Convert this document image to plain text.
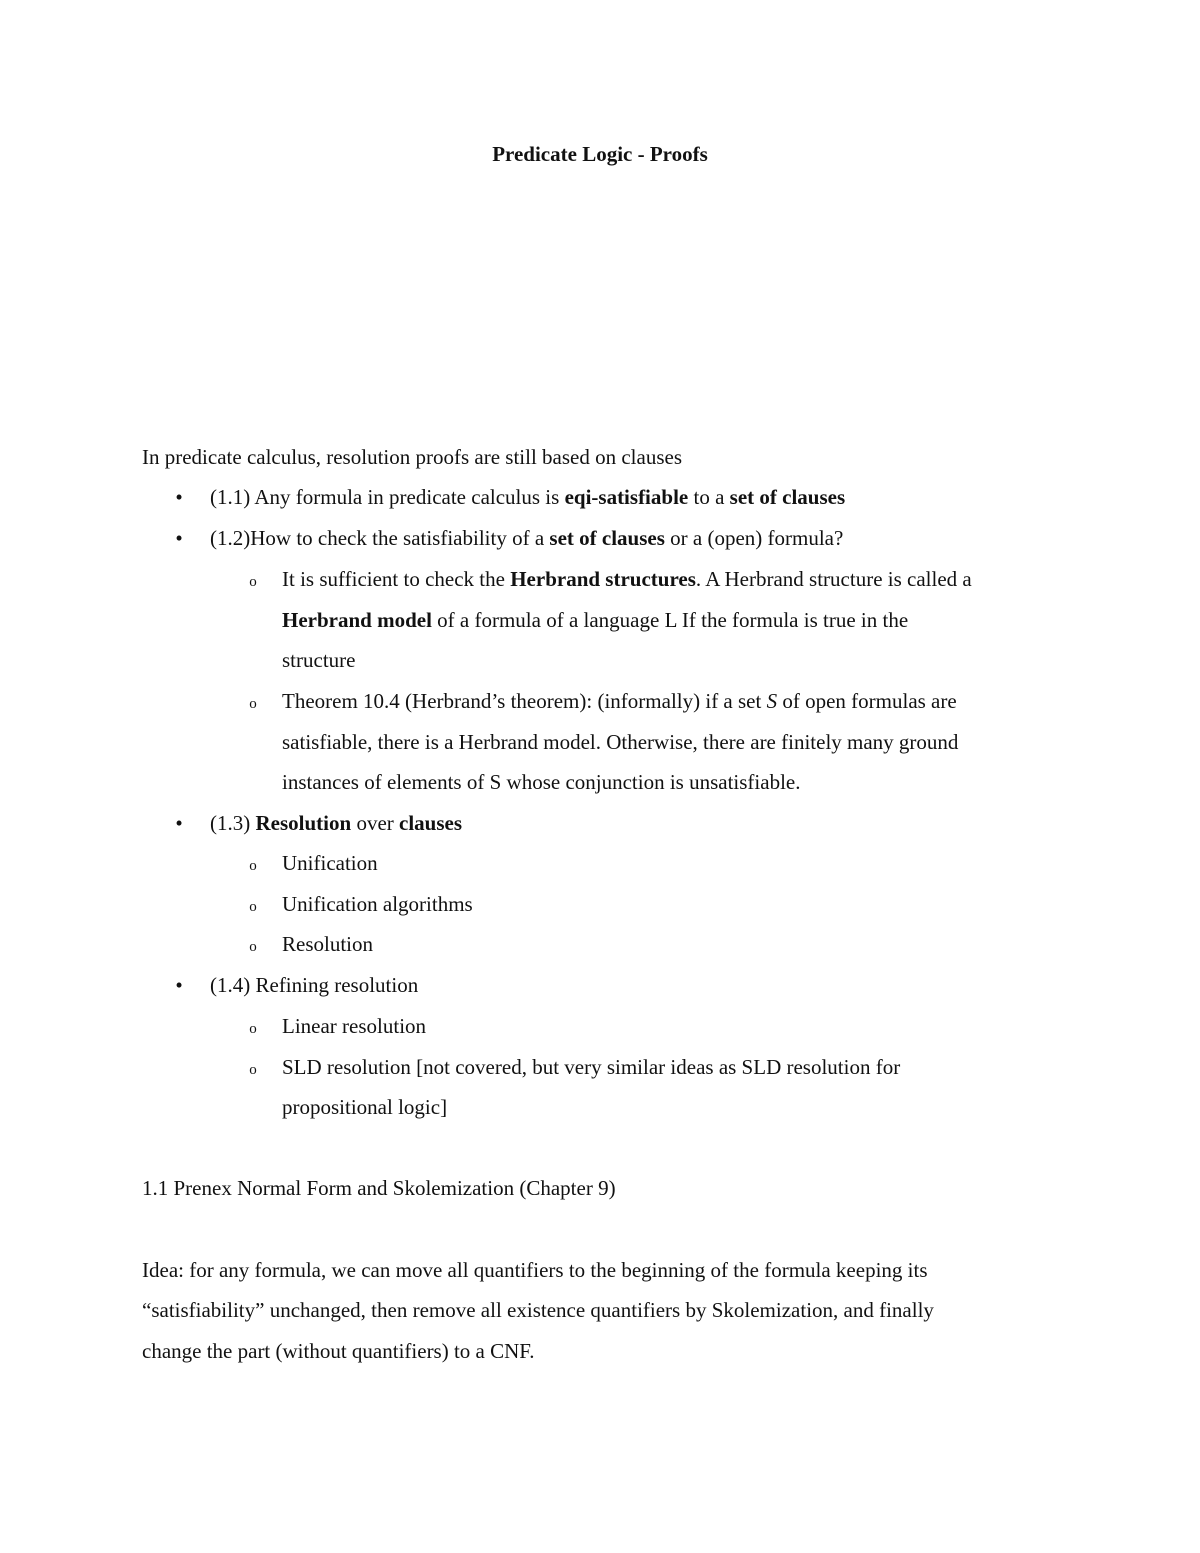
Predicate Logic - Proofs
In predicate calculus, resolution proofs are still based on clauses
• (1.1) Any formula in predicate calculus is eqi-satisfiable to a set of clauses
• (1.2)How to check the satisfiability of a set of clauses or a (open) formula?
o It is sufficient to check the Herbrand structures. A Herbrand structure is called a
Herbrand model of a formula of a language L If the formula is true in the
structure
o Theorem 10.4 (Herbrand’s theorem): (informally) if a set S of open formulas are
satisfiable, there is a Herbrand model. Otherwise, there are finitely many ground
instances of elements of S whose conjunction is unsatisfiable.
• (1.3) Resolution over clauses
o Unification
o Unification algorithms
o Resolution
• (1.4) Refining resolution
o Linear resolution
o SLD resolution [not covered, but very similar ideas as SLD resolution for
propositional logic]
1.1 Prenex Normal Form and Skolemization (Chapter 9)
Idea: for any formula, we can move all quantifiers to the beginning of the formula keeping its
“satisfiability” unchanged, then remove all existence quantifiers by Skolemization, and finally
change the part (without quantifiers) to a CNF.
